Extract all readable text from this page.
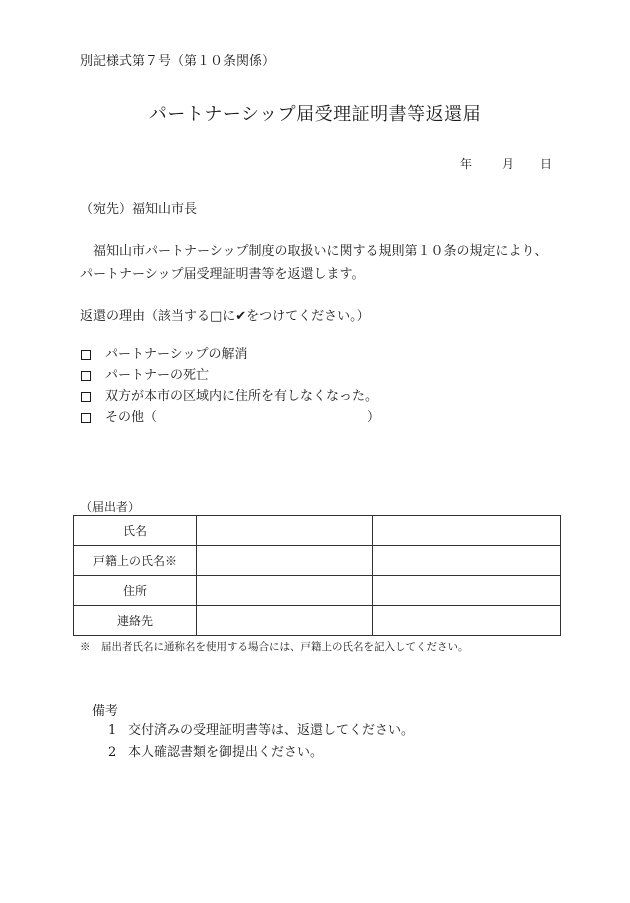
別記様式第７号（第１０条関係）
パートナーシップ届受理証明書等返還届
年 月 日
（宛先）福知山市長
福知山市パートナーシップ制度の取扱いに関する規則第１０条の規定により、
パートナーシップ届受理証明書等を返還します。
返還の理由（該当する□に✔をつけてください。）
パートナーシップの解消
パートナーの死亡
双方が本市の区域内に住所を有しなくなった。
その他（	）
（届出者）
氏名		
戸籍上の氏名※		
住所		
連絡先		
※　届出者氏名に通称名を使用する場合には、戸籍上の氏名を記入してください。
備考
1 交付済みの受理証明書等は、返還してください。
2 本人確認書類を御提出ください。
